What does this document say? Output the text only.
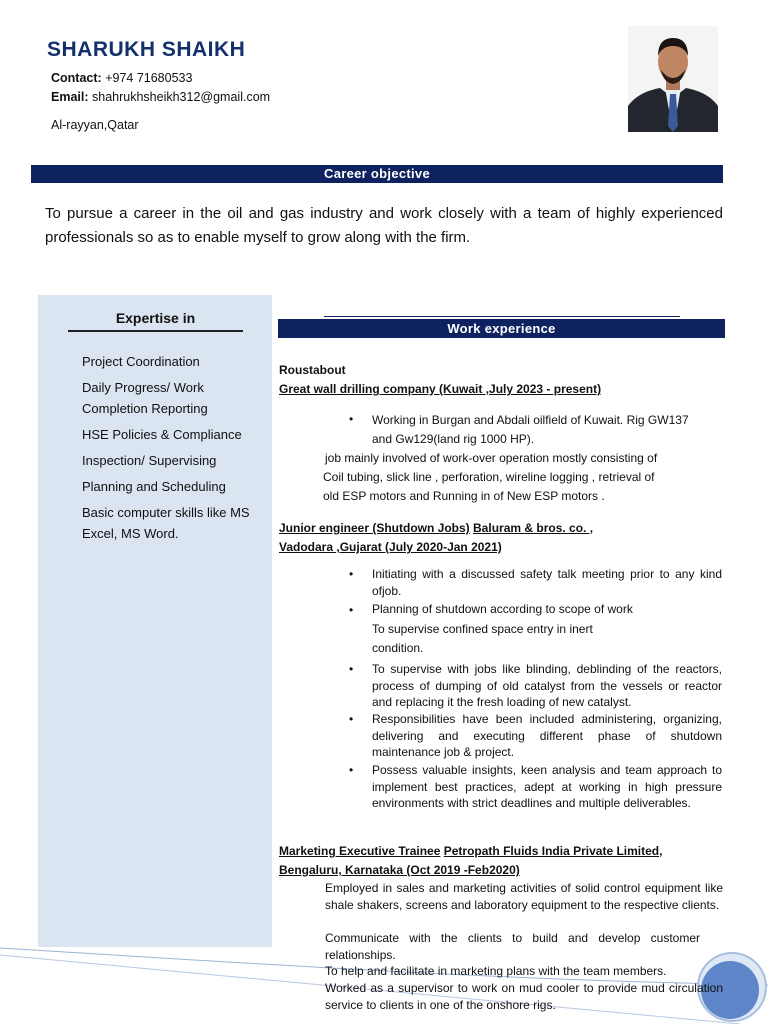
SHARUKH SHAIKH
Contact: +974 71680533
Email: shahrukhsheikh312@gmail.com
Al-rayyan,Qatar
Career objective
To pursue a career in the oil and gas industry and work closely with a team of highly experienced professionals so as to enable myself to grow along with the firm.
Expertise in
Project Coordination
Daily Progress/ Work Completion Reporting
HSE Policies & Compliance
Inspection/ Supervising
Planning and Scheduling
Basic computer skills like MS Excel, MS Word.
Work experience
Roustabout
Great wall drilling company (Kuwait ,July 2023 - present)
• Working in Burgan and Abdali oilfield of Kuwait. Rig GW137 and Gw129(land rig 1000 HP).
job mainly involved of work-over operation mostly consisting of
Coil tubing, slick line , perforation, wireline logging , retrieval of
old ESP motors and Running in of New ESP motors .
Junior engineer (Shutdown Jobs) Baluram & bros. co. ,
Vadodara ,Gujarat (July 2020-Jan 2021)
• Initiating with a discussed safety talk meeting prior to any kind ofjob.
• Planning of shutdown according to scope of work To supervise confined space entry in inert condition.
• To supervise with jobs like blinding, deblinding of the reactors, process of dumping of old catalyst from the vessels or reactor and replacing it the fresh loading of new catalyst.
• Responsibilities have been included administering, organizing, delivering and executing different phase of shutdown maintenance job & project.
• Possess valuable insights, keen analysis and team approach to implement best practices, adept at working in high pressure environments with strict deadlines and multiple deliverables.
Marketing Executive Trainee Petropath Fluids India Private Limited,
Bengaluru, Karnataka (Oct 2019 -Feb2020)
Employed in sales and marketing activities of solid control equipment like shale shakers, screens and laboratory equipment to the respective clients.
Communicate with the clients to build and develop customer relationships.
To help and facilitate in marketing plans with the team members.
Worked as a supervisor to work on mud cooler to provide mud circulation service to clients in one of the onshore rigs.
